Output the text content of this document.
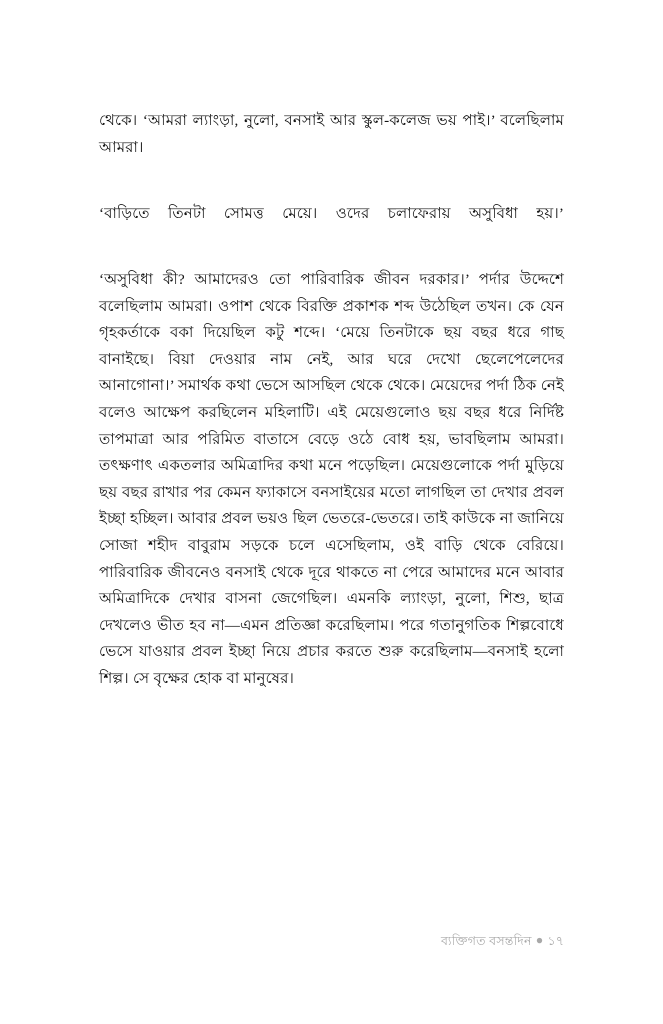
থেকে। ‘আমরা ল্যাংড়া, নুলো, বনসাই আর স্কুল-কলেজ ভয় পাই।’ বলেছিলাম আমরা।

‘বাড়িতে তিনটা সোমত্ত মেয়ে। ওদের চলাফেরায় অসুবিধা হয়।’

‘অসুবিধা কী? আমাদেরও তো পারিবারিক জীবন দরকার।’ পর্দার উদ্দেশে বলেছিলাম আমরা। ওপাশ থেকে বিরক্তি প্রকাশক শব্দ উঠেছিল তখন। কে যেন গৃহকর্তাকে বকা দিয়েছিল কটু শব্দে। ‘মেয়ে তিনটাকে ছয় বছর ধরে গাছ বানাইছে। বিয়া দেওয়ার নাম নেই, আর ঘরে দেখো ছেলেপেলেদের আনাগোনা।’ সমার্থক কথা ভেসে আসছিল থেকে থেকে। মেয়েদের পর্দা ঠিক নেই বলেও আক্ষেপ করছিলেন মহিলাটি। এই মেয়েগুলোও ছয় বছর ধরে নির্দিষ্ট তাপমাত্রা আর পরিমিত বাতাসে বেড়ে ওঠে বোধ হয়, ভাবছিলাম আমরা। তৎক্ষণাৎ একতলার অমিত্রাদির কথা মনে পড়েছিল। মেয়েগুলোকে পর্দা মুড়িয়ে ছয় বছর রাখার পর কেমন ফ্যাকাসে বনসাইয়ের মতো লাগছিল তা দেখার প্রবল ইচ্ছা হচ্ছিল। আবার প্রবল ভয়ও ছিল ভেতরে-ভেতরে। তাই কাউকে না জানিয়ে সোজা শহীদ বাবুরাম সড়কে চলে এসেছিলাম, ওই বাড়ি থেকে বেরিয়ে। পারিবারিক জীবনেও বনসাই থেকে দূরে থাকতে না পেরে আমাদের মনে আবার অমিত্রাদিকে দেখার বাসনা জেগেছিল। এমনকি ল্যাংড়া, নুলো, শিশু, ছাত্র দেখলেও ভীত হব না—এমন প্রতিজ্ঞা করেছিলাম। পরে গতানুগতিক শিল্পবোধে ভেসে যাওয়ার প্রবল ইচ্ছা নিয়ে প্রচার করতে শুরু করেছিলাম—বনসাই হলো শিল্প। সে বৃক্ষের হোক বা মানুষের।

ব্যক্তিগত বসন্তদিন ● ১৭
